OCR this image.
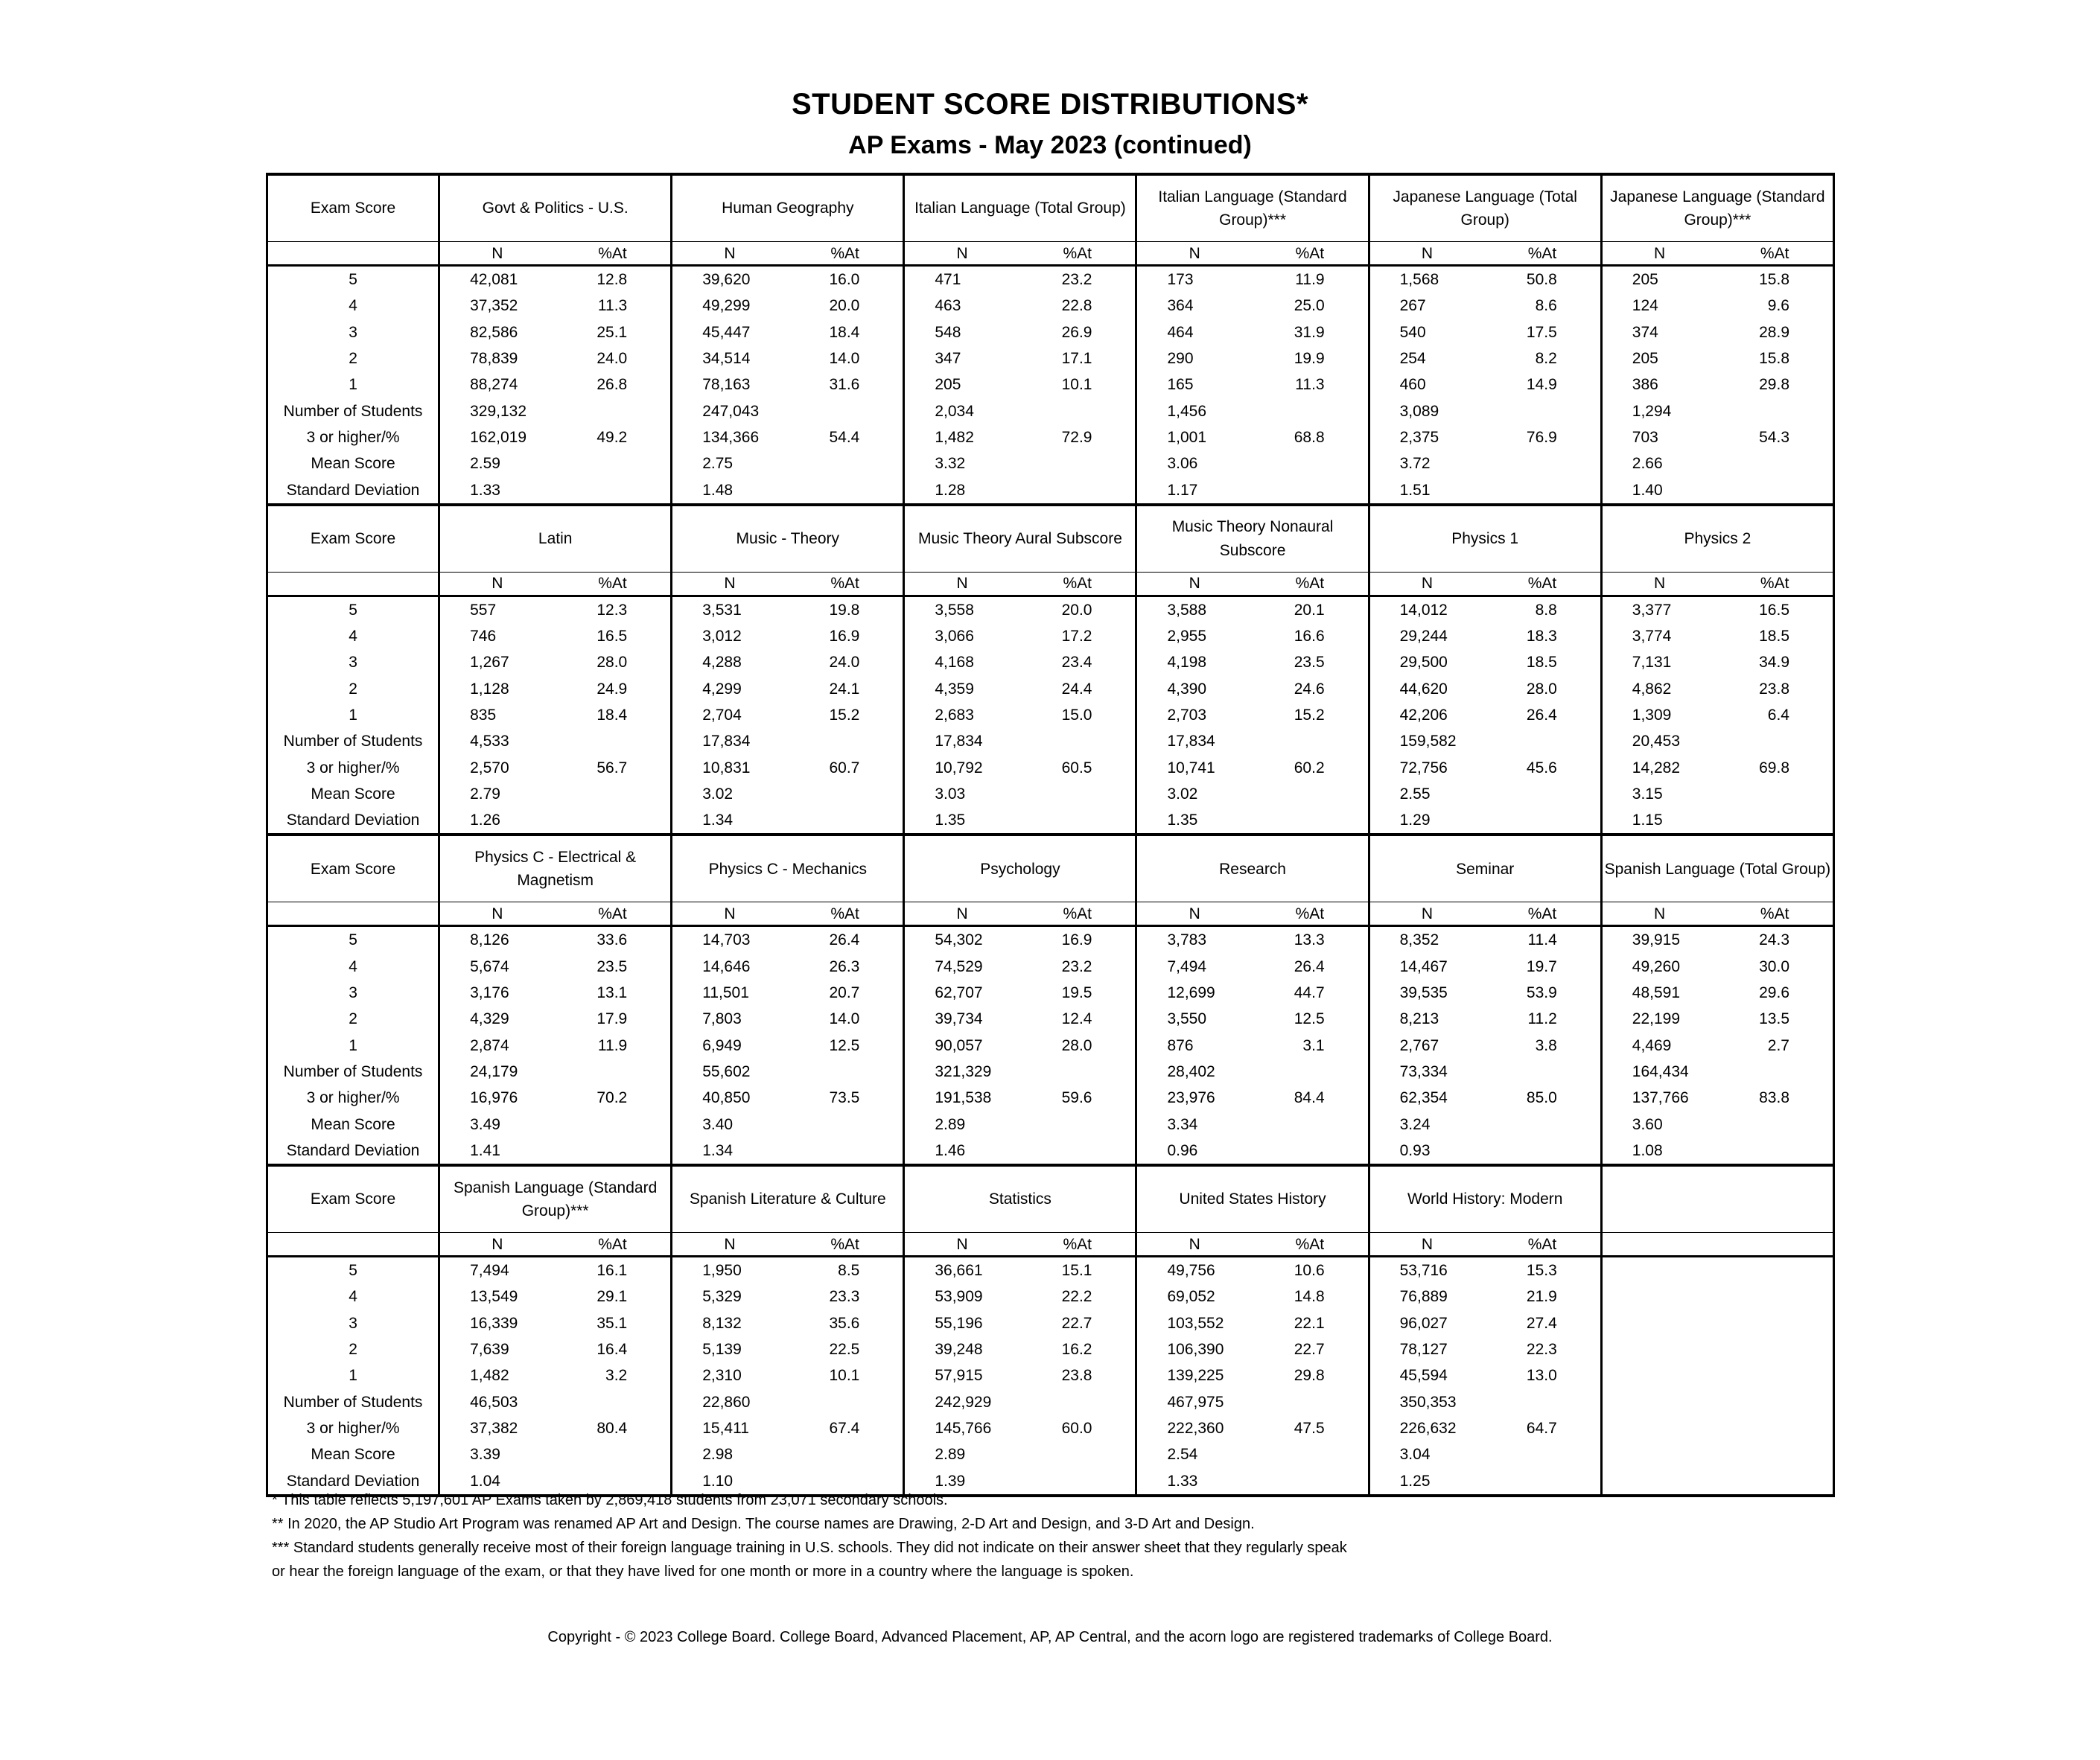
STUDENT SCORE DISTRIBUTIONS*
AP Exams - May 2023 (continued)
Exam Score	Govt & Politics - U.S.		Human Geography		Italian Language (Total Group)		Italian Language (Standard Group)***		Japanese Language (Total Group)		Japanese Language (Standard Group)***	
	N	%At	N	%At	N	%At	N	%At	N	%At	N	%At
5	42,081	12.8	39,620	16.0	471	23.2	173	11.9	1,568	50.8	205	15.8
4	37,352	11.3	49,299	20.0	463	22.8	364	25.0	267	8.6	124	9.6
3	82,586	25.1	45,447	18.4	548	26.9	464	31.9	540	17.5	374	28.9
2	78,839	24.0	34,514	14.0	347	17.1	290	19.9	254	8.2	205	15.8
1	88,274	26.8	78,163	31.6	205	10.1	165	11.3	460	14.9	386	29.8
Number of Students	329,132		247,043		2,034		1,456		3,089		1,294	
3 or higher/%	162,019	49.2	134,366	54.4	1,482	72.9	1,001	68.8	2,375	76.9	703	54.3
Mean Score	2.59		2.75		3.32		3.06		3.72		2.66	
Standard Deviation	1.33		1.48		1.28		1.17		1.51		1.40	
Exam Score	Latin		Music - Theory		Music Theory Aural Subscore		Music Theory Nonaural Subscore		Physics 1		Physics 2	
	N	%At	N	%At	N	%At	N	%At	N	%At	N	%At
5	557	12.3	3,531	19.8	3,558	20.0	3,588	20.1	14,012	8.8	3,377	16.5
4	746	16.5	3,012	16.9	3,066	17.2	2,955	16.6	29,244	18.3	3,774	18.5
3	1,267	28.0	4,288	24.0	4,168	23.4	4,198	23.5	29,500	18.5	7,131	34.9
2	1,128	24.9	4,299	24.1	4,359	24.4	4,390	24.6	44,620	28.0	4,862	23.8
1	835	18.4	2,704	15.2	2,683	15.0	2,703	15.2	42,206	26.4	1,309	6.4
Number of Students	4,533		17,834		17,834		17,834		159,582		20,453	
3 or higher/%	2,570	56.7	10,831	60.7	10,792	60.5	10,741	60.2	72,756	45.6	14,282	69.8
Mean Score	2.79		3.02		3.03		3.02		2.55		3.15	
Standard Deviation	1.26		1.34		1.35		1.35		1.29		1.15	
Exam Score	Physics C - Electrical & Magnetism		Physics C - Mechanics		Psychology		Research		Seminar		Spanish Language (Total Group)	
	N	%At	N	%At	N	%At	N	%At	N	%At	N	%At
5	8,126	33.6	14,703	26.4	54,302	16.9	3,783	13.3	8,352	11.4	39,915	24.3
4	5,674	23.5	14,646	26.3	74,529	23.2	7,494	26.4	14,467	19.7	49,260	30.0
3	3,176	13.1	11,501	20.7	62,707	19.5	12,699	44.7	39,535	53.9	48,591	29.6
2	4,329	17.9	7,803	14.0	39,734	12.4	3,550	12.5	8,213	11.2	22,199	13.5
1	2,874	11.9	6,949	12.5	90,057	28.0	876	3.1	2,767	3.8	4,469	2.7
Number of Students	24,179		55,602		321,329		28,402		73,334		164,434	
3 or higher/%	16,976	70.2	40,850	73.5	191,538	59.6	23,976	84.4	62,354	85.0	137,766	83.8
Mean Score	3.49		3.40		2.89		3.34		3.24		3.60	
Standard Deviation	1.41		1.34		1.46		0.96		0.93		1.08	
Exam Score	Spanish Language (Standard Group)***		Spanish Literature & Culture		Statistics		United States History		World History: Modern			
	N	%At	N	%At	N	%At	N	%At	N	%At		
5	7,494	16.1	1,950	8.5	36,661	15.1	49,756	10.6	53,716	15.3		
4	13,549	29.1	5,329	23.3	53,909	22.2	69,052	14.8	76,889	21.9		
3	16,339	35.1	8,132	35.6	55,196	22.7	103,552	22.1	96,027	27.4		
2	7,639	16.4	5,139	22.5	39,248	16.2	106,390	22.7	78,127	22.3		
1	1,482	3.2	2,310	10.1	57,915	23.8	139,225	29.8	45,594	13.0		
Number of Students	46,503		22,860		242,929		467,975		350,353			
3 or higher/%	37,382	80.4	15,411	67.4	145,766	60.0	222,360	47.5	226,632	64.7		
Mean Score	3.39		2.98		2.89		2.54		3.04			
Standard Deviation	1.04		1.10		1.39		1.33		1.25			
* This table reflects 5,197,601 AP Exams taken by 2,869,418 students from 23,071 secondary schools.
** In 2020, the AP Studio Art Program was renamed AP Art and Design. The course names are Drawing, 2-D Art and Design, and 3-D Art and Design.
*** Standard students generally receive most of their foreign language training in U.S. schools. They did not indicate on their answer sheet that they regularly speak
or hear the foreign language of the exam, or that they have lived for one month or more in a country where the language is spoken.
Copyright - © 2023 College Board. College Board, Advanced Placement, AP, AP Central, and the acorn logo are registered trademarks of College Board.
